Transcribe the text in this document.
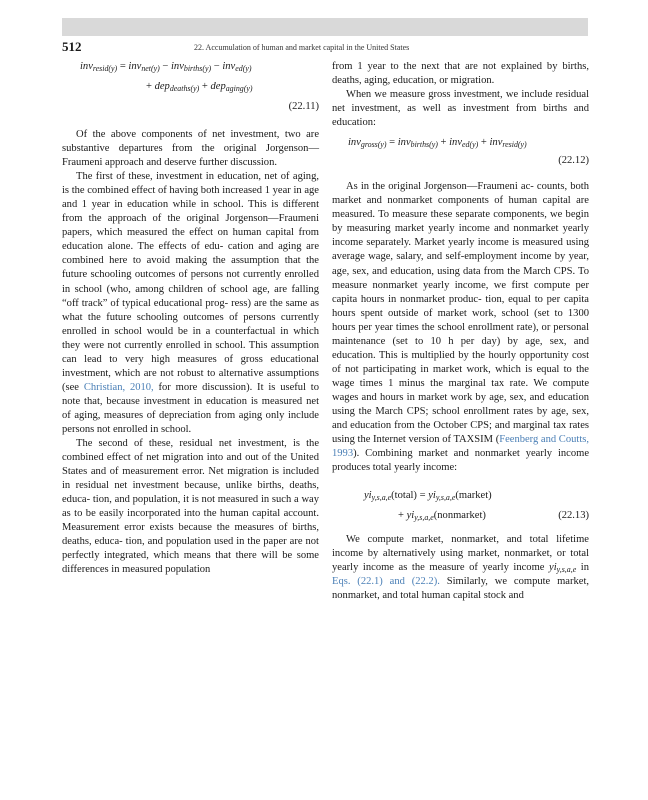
512	22. Accumulation of human and market capital in the United States
inv$_{resid(y)}$ = inv$_{net(y)}$ − inv$_{births(y)}$ − inv$_{ed(y)}$
+ dep$_{deaths(y)}$ + dep$_{aging(y)}$
(22.11)

Of the above components of net investment, two are substantive departures from the original Jorgenson—Fraumeni approach and deserve further discussion.

The first of these, investment in education, net of aging, is the combined effect of having both increased 1 year in age and 1 year in education while in school. This is different from the approach of the original Jorgenson—Fraumeni papers, which measured the effect on human capital from education alone. The effects of edu- cation and aging are combined here to avoid making the assumption that the future schooling outcomes of persons not currently enrolled in school (who, among children of school age, are falling “off track” of typical educational prog- ress) are the same as what the future schooling outcomes of persons currently enrolled in school would be in a counterfactual in which they were not currently enrolled in school. This assumption can lead to very high measures of gross educational investment, which are not robust to alternative assumptions (see Christian, 2010, for more discussion). It is useful to note that, because investment in education is measured net of aging, measures of depreciation from aging only include persons not enrolled in school.

The second of these, residual net investment, is the combined effect of net migration into and out of the United States and of measurement error. Net migration is included in residual net investment because, unlike births, deaths, educa- tion, and population, it is not measured in such a way as to be easily incorporated into the human capital account. Measurement error exists because the measures of births, deaths, educa- tion, and population used in the paper are not perfectly integrated, which means that there will be some differences in measured population

from 1 year to the next that are not explained by births, deaths, aging, education, or migration.

When we measure gross investment, we include residual net investment, as well as investment from births and education:

inv$_{gross(y)}$ = inv$_{births(y)}$ + inv$_{ed(y)}$ + inv$_{resid(y)}$
(22.12)

As in the original Jorgenson—Fraumeni ac- counts, both market and nonmarket components of human capital are measured. To measure these separate components, we begin by measuring market yearly income and nonmarket yearly income separately. Market yearly income is measured using average wage, salary, and self-employment income by year, age, sex, and education, using data from the March CPS. To measure nonmarket yearly income, we first compute per capita hours in nonmarket produc- tion, equal to per capita hours spent outside of market work, school (set to 1300 hours per year times the school enrollment rate), or personal maintenance (set to 10 h per day) by age, sex, and education. This is multiplied by the hourly opportunity cost of not participating in market work, which is equal to the wage times 1 minus the marginal tax rate. We compute wages and hours in market work by age, sex, and education using the March CPS; school enrollment rates by age, sex, and education from the October CPS; and marginal tax rates using the Internet version of TAXSIM (Feenberg and Coutts, 1993). Combining market and nonmarket yearly income produces total yearly income:

$yi_{y,s,a,e}(total)$ = $yi_{y,s,a,e}(market)$
+ $yi_{y,s,a,e}(nonmarket)$	(22.13)

We compute market, nonmarket, and total lifetime income by alternatively using market, nonmarket, or total yearly income as the measure of yearly income $yi_{y,s,a,e}$ in Eqs. (22.1) and (22.2). Similarly, we compute market, nonmarket, and total human capital stock and
